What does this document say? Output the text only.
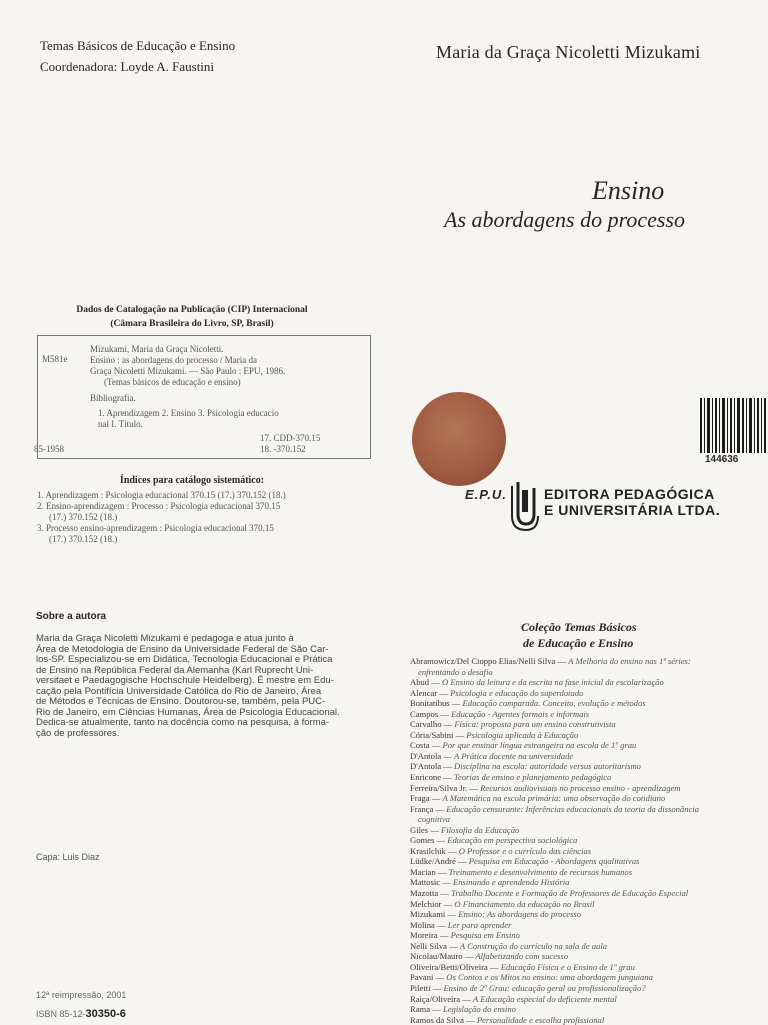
Temas Básicos de Educação e Ensino
Coordenadora: Loyde A. Faustini
Dados de Catalogação na Publicação (CIP) Internacional
(Câmara Brasileira do Livro, SP, Brasil)
M581e
Mizukami, Maria da Graça Nicoletti.
Ensino : as abordagens do processo / Maria da
Graça Nicoletti Mizukami. — São Paulo : EPU, 1986.
(Temas básicos de educação e ensino)
Bibliografia.
1. Aprendizagem 2. Ensino 3. Psicologia educacio
nal I. Título.
17. CDD-370.15
18. -370.152
85-1958
Índices para catálogo sistemático:
1. Aprendizagem : Psicologia educacional 370.15 (17.) 370.152 (18.)
2. Ensino-aprendizagem : Processo : Psicologia educacional 370.15
(17.) 370.152 (18.)
3. Processo ensino-aprendizagem : Psicologia educacional 370.15
(17.) 370.152 (18.)
Maria da Graça Nicoletti Mizukami
Ensino
As abordagens do processo
144636
E.P.U.	EDITORA PEDAGÓGICA
E UNIVERSITÁRIA LTDA.
Sobre a autora
Maria da Graça Nicoletti Mizukami é pedagoga e atua junto à
Área de Metodologia de Ensino da Universidade Federal de São Car-
los-SP. Especializou-se em Didática, Tecnologia Educacional e Prática
de Ensino na República Federal da Alemanha (Karl Ruprecht Uni-
versitaet e Paedagogische Hochschule Heidelberg). É mestre em Edu-
cação pela Pontifícia Universidade Católica do Rio de Janeiro, Área
de Métodos e Técnicas de Ensino. Doutorou-se, também, pela PUC-
Rio de Janeiro, em Ciências Humanas, Área de Psicologia Educacional.
Dedica-se atualmente, tanto na docência como na pesquisa, à forma-
ção de professores.
Capa: Luis Diaz
12ª reimpressão, 2001
ISBN 85-12-30350-6
Coleção Temas Básicos
de Educação e Ensino
Abramowicz/Del Cioppo Elias/Nelli Silva — A Melhoria do ensino nas 1ª séries:
enfrentando o desafio
Abud — O Ensino da leitura e da escrita na fase inicial da escolarização
Alencar — Psicologia e educação do superdotado
Bonitatibus — Educação comparada. Conceito, evolução e métodos
Campos — Educação - Agentes formais e informais
Carvalho — Física: proposta para um ensino construtivista
Cória/Sabini — Psicologia aplicada à Educação
Costa — Por que ensinar língua estrangeira na escola de 1º grau
D'Antola — A Prática docente na universidade
D'Antola — Disciplina na escola: autoridade versus autoritarismo
Enricone — Teorias de ensino e planejamento pedagógico
Ferreira/Silva Jr. — Recursos audiovisuais no processo ensino - aprendizagem
Fraga — A Matemática na escola primária: uma observação do cotidiano
França — Educação censurante: Inferências educacionais da teoria da dissonância
cognitiva
Giles — Filosofia da Educação
Gomes — Educação em perspectiva sociológica
Krasilchik — O Professor e o currículo das ciências
Lüdke/André — Pesquisa em Educação - Abordagens qualitativas
Macian — Treinamento e desenvolvimento de recursos humanos
Mattosic — Ensinando e aprendendo História
Mazotta — Trabalho Docente e Formação de Professores de Educação Especial
Melchior — O Financiamento da educação no Brasil
Mizukami — Ensino: As abordagens do processo
Molina — Ler para aprender
Moreira — Pesquisa em Ensino
Nelli Silva — A Construção do currículo na sala de aula
Nicolau/Mauro — Alfabetizando com sucesso
Oliveira/Betti/Oliveira — Educação Física e o Ensino de 1º grau
Pavani — Os Contos e os Mitos no ensino: uma abordagem junguiana
Piletti — Ensino de 2º Grau: educação geral ou profissionalização?
Raiça/Oliveira — A Educação especial do deficiente mental
Rama — Legislação do ensino
Ramos da Silva — Personalidade e escolha profissional
